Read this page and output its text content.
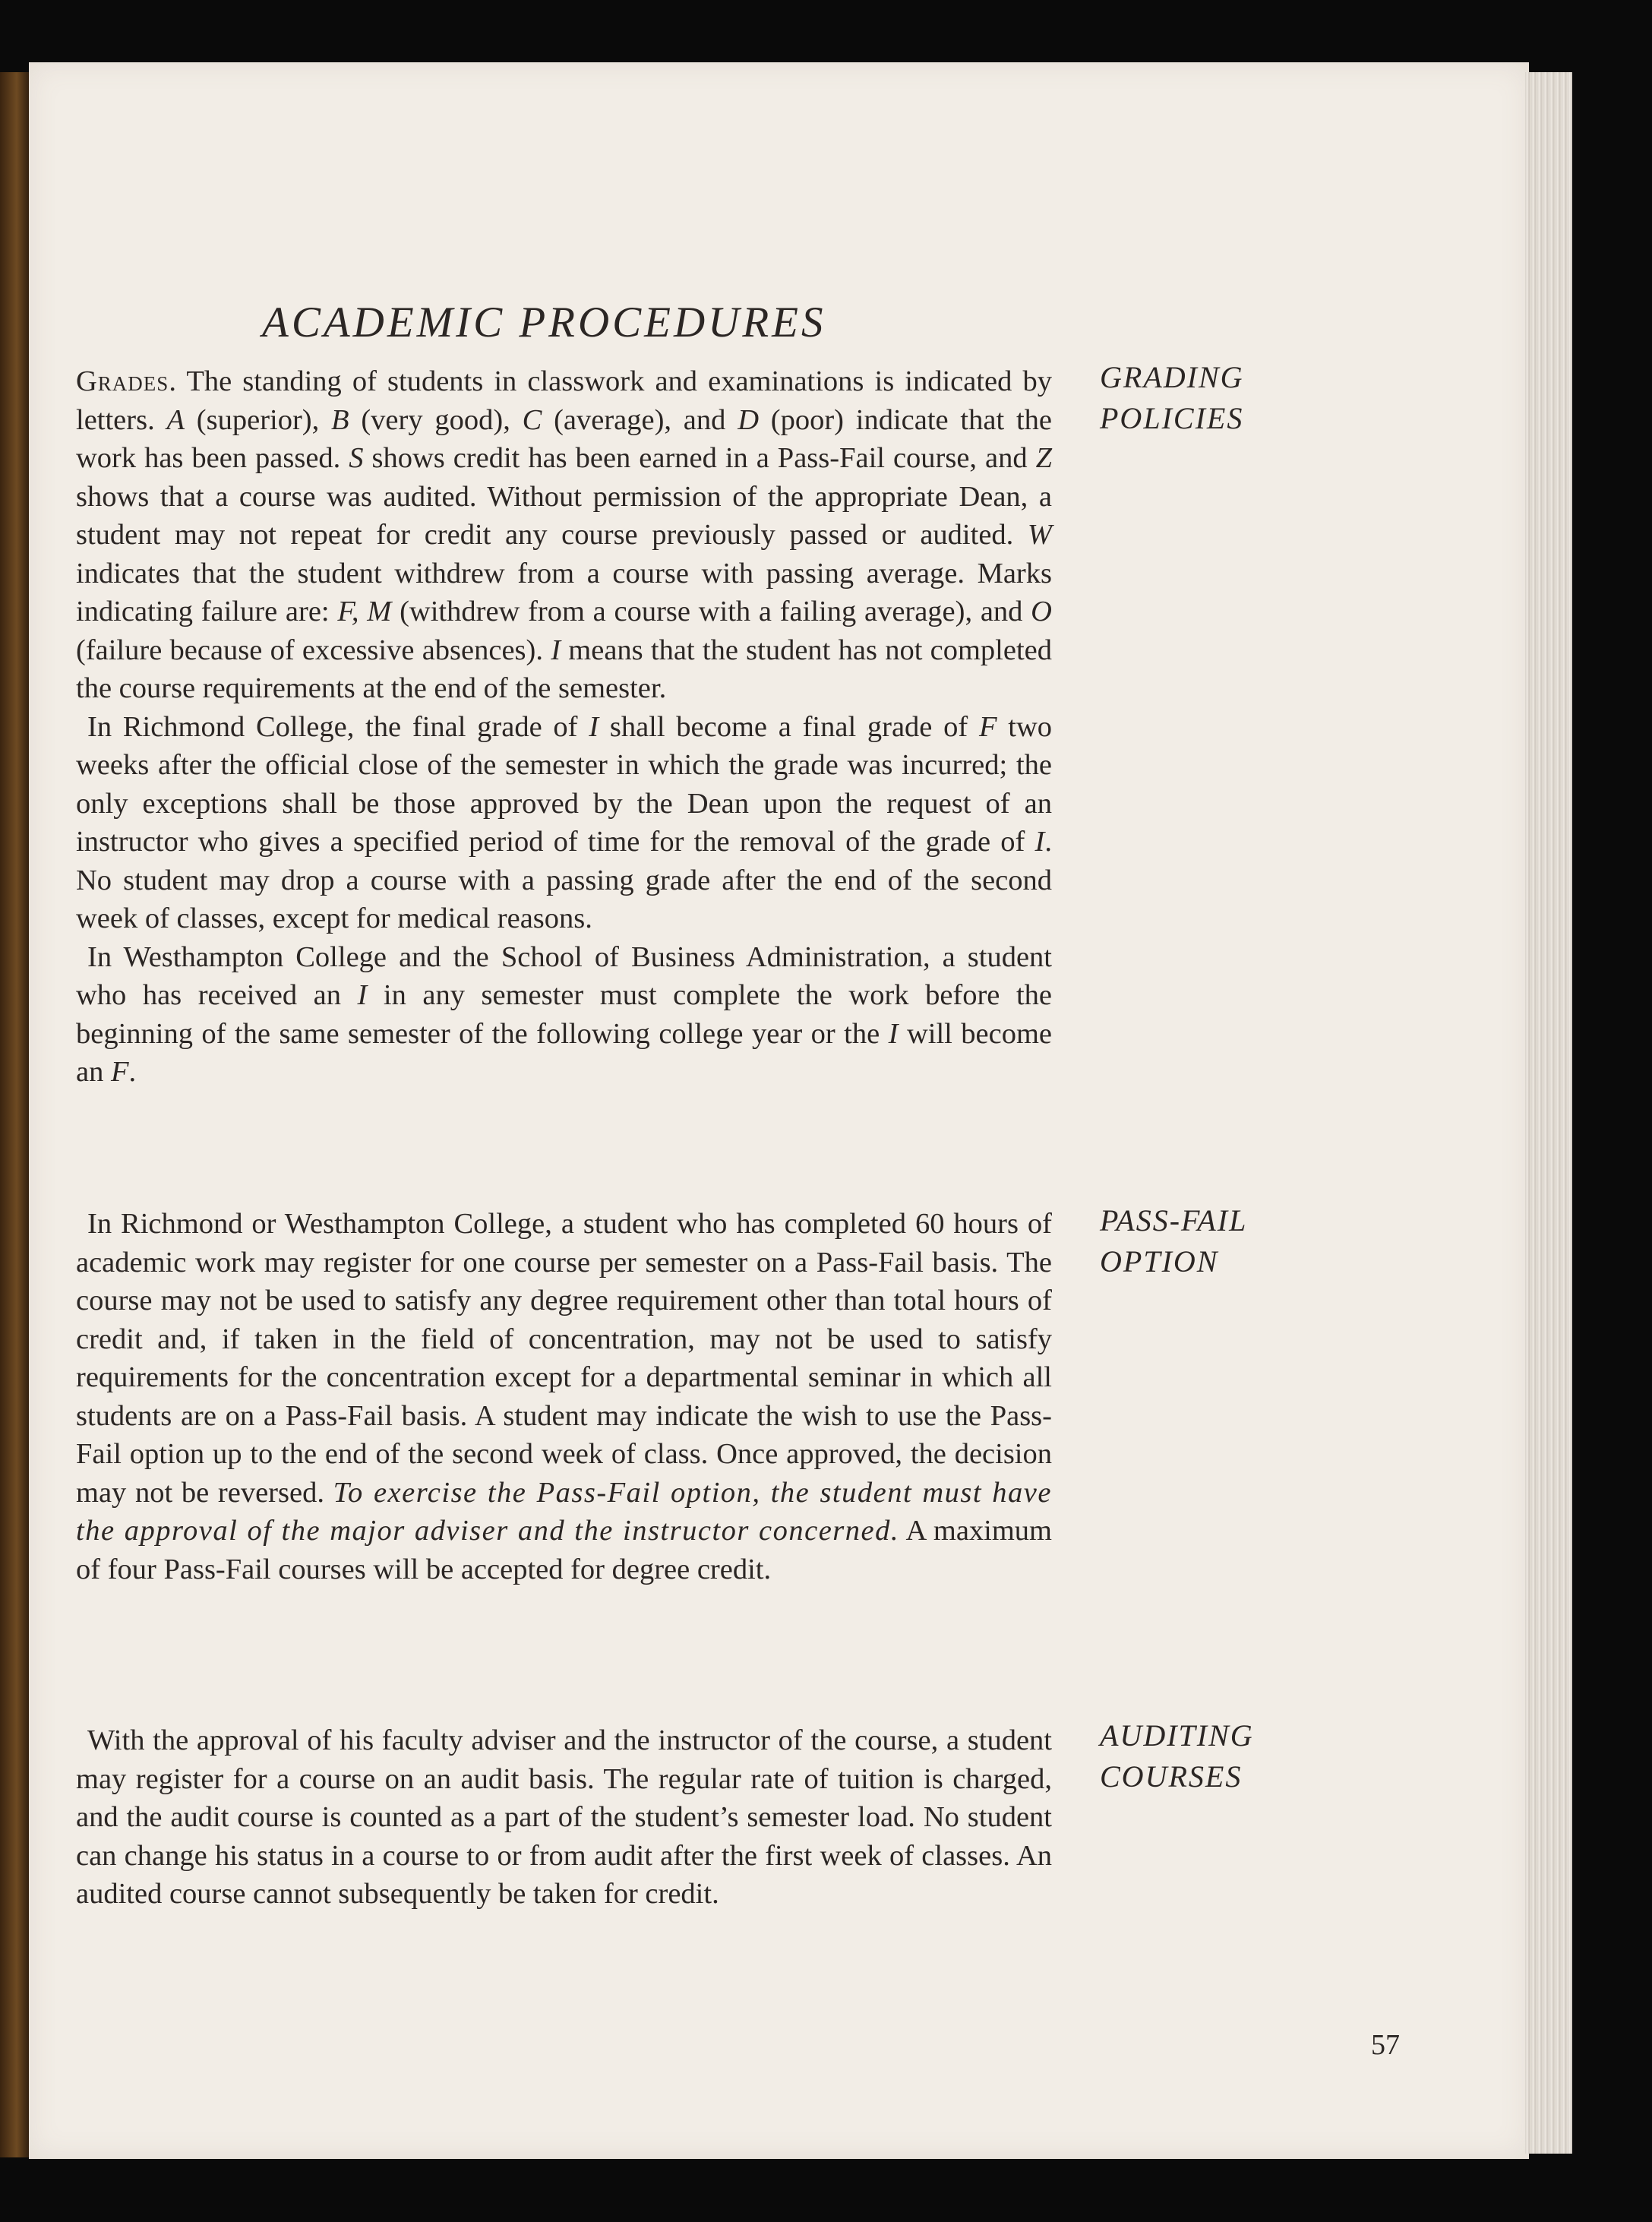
ACADEMIC PROCEDURES

Grades. The standing of students in classwork and examinations is indicated by letters. A (superior), B (very good), C (average), and D (poor) indicate that the work has been passed. S shows credit has been earned in a Pass-Fail course, and Z shows that a course was audited. Without permission of the appropriate Dean, a student may not repeat for credit any course previously passed or audited. W indicates that the student withdrew from a course with passing average. Marks indicating failure are: F, M (withdrew from a course with a failing average), and O (failure because of excessive absences). I means that the student has not completed the course requirements at the end of the semester.

In Richmond College, the final grade of I shall become a final grade of F two weeks after the official close of the semester in which the grade was incurred; the only exceptions shall be those approved by the Dean upon the request of an instructor who gives a specified period of time for the removal of the grade of I. No student may drop a course with a passing grade after the end of the second week of classes, except for medical reasons.

In Westhampton College and the School of Business Administration, a student who has received an I in any semester must complete the work before the beginning of the same semester of the following college year or the I will become an F.

GRADING
POLICIES

In Richmond or Westhampton College, a student who has completed 60 hours of academic work may register for one course per semester on a Pass-Fail basis. The course may not be used to satisfy any degree requirement other than total hours of credit and, if taken in the field of concentration, may not be used to satisfy requirements for the concentration except for a departmental seminar in which all students are on a Pass-Fail basis. A student may indicate the wish to use the Pass-Fail option up to the end of the second week of class. Once approved, the decision may not be reversed. To exercise the Pass-Fail option, the student must have the approval of the major adviser and the instructor concerned. A maximum of four Pass-Fail courses will be accepted for degree credit.

PASS-FAIL
OPTION

With the approval of his faculty adviser and the instructor of the course, a student may register for a course on an audit basis. The regular rate of tuition is charged, and the audit course is counted as a part of the student’s semester load. No student can change his status in a course to or from audit after the first week of classes. An audited course cannot subsequently be taken for credit.

AUDITING
COURSES
57
